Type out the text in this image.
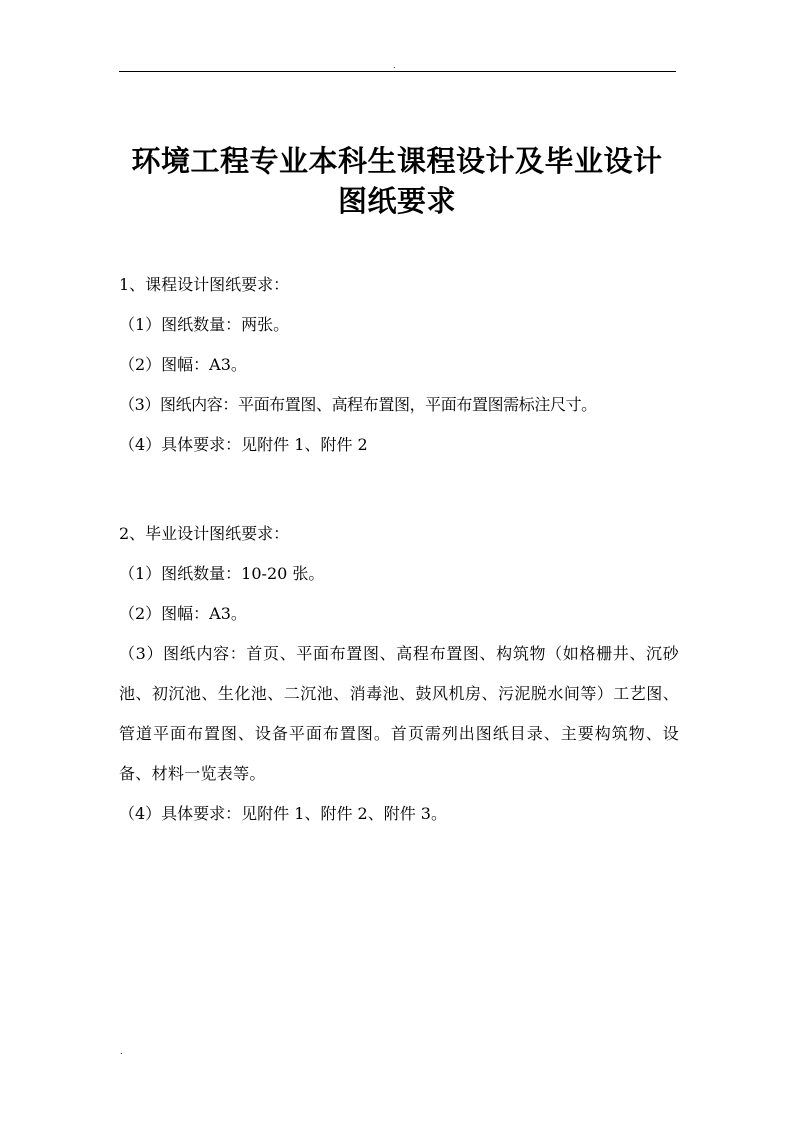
.
环境工程专业本科生课程设计及毕业设计
图纸要求

1、课程设计图纸要求：

（1）图纸数量：两张。

（2）图幅：A3。

（3）图纸内容：平面布置图、高程布置图，平面布置图需标注尺寸。

（4）具体要求：见附件 1、附件 2

2、毕业设计图纸要求：

（1）图纸数量：10-20 张。

（2）图幅：A3。

（3）图纸内容：首页、平面布置图、高程布置图、构筑物（如格栅井、沉砂池、初沉池、生化池、二沉池、消毒池、鼓风机房、污泥脱水间等）工艺图、管道平面布置图、设备平面布置图。首页需列出图纸目录、主要构筑物、设备、材料一览表等。

（4）具体要求：见附件 1、附件 2、附件 3。

.
